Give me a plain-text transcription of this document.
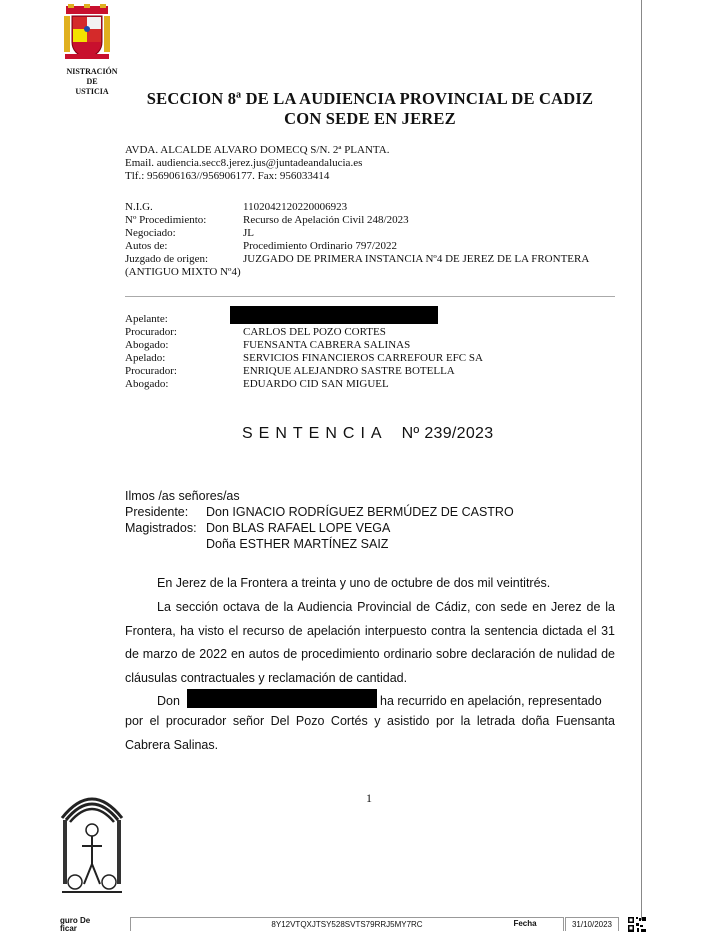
NISTRACIÓN
DE
USTICIA	SECCION 8ª DE LA AUDIENCIA PROVINCIAL DE CADIZ
CON SEDE EN JEREZ
AVDA. ALCALDE ALVARO DOMECQ S/N. 2ª PLANTA.
Email. audiencia.secc8.jerez.jus@juntadeandalucia.es
Tlf.: 956906163//956906177. Fax: 956033414
N.I.G.	1102042120220006923
Nº Procedimiento:	Recurso de Apelación Civil 248/2023
Negociado:	JL
Autos de:	Procedimiento Ordinario 797/2022
Juzgado de origen:	JUZGADO DE PRIMERA INSTANCIA Nº4 DE JEREZ DE LA FRONTERA (ANTIGUO MIXTO Nº4)
Apelante:
Procurador:	CARLOS DEL POZO CORTES
Abogado:	FUENSANTA CABRERA SALINAS
Apelado:	SERVICIOS FINANCIEROS CARREFOUR EFC SA
Procurador:	ENRIQUE ALEJANDRO SASTRE BOTELLA
Abogado:	EDUARDO CID SAN MIGUEL
SENTENCIA Nº 239/2023
Ilmos /as señores/as
Presidente: Don IGNACIO RODRÍGUEZ BERMÚDEZ DE CASTRO
Magistrados: Don BLAS RAFAEL LOPE VEGA
Doña ESTHER MARTÍNEZ SAIZ
En Jerez de la Frontera a treinta y uno de octubre de dos mil veintitrés.
La sección octava de la Audiencia Provincial de Cádiz, con sede en Jerez de la Frontera, ha visto el recurso de apelación interpuesto contra la sentencia dictada el 31 de marzo de 2022 en autos de procedimiento ordinario sobre declaración de nulidad de cláusulas contractuales y reclamación de cantidad.
Don	ha recurrido en apelación, representado
por el procurador señor Del Pozo Cortés y asistido por la letrada doña Fuensanta Cabrera Salinas.
1
guro De
ficar	8Y12VTQXJTSY528SVTS79RRJ5MY7RC	Fecha	31/10/2023
